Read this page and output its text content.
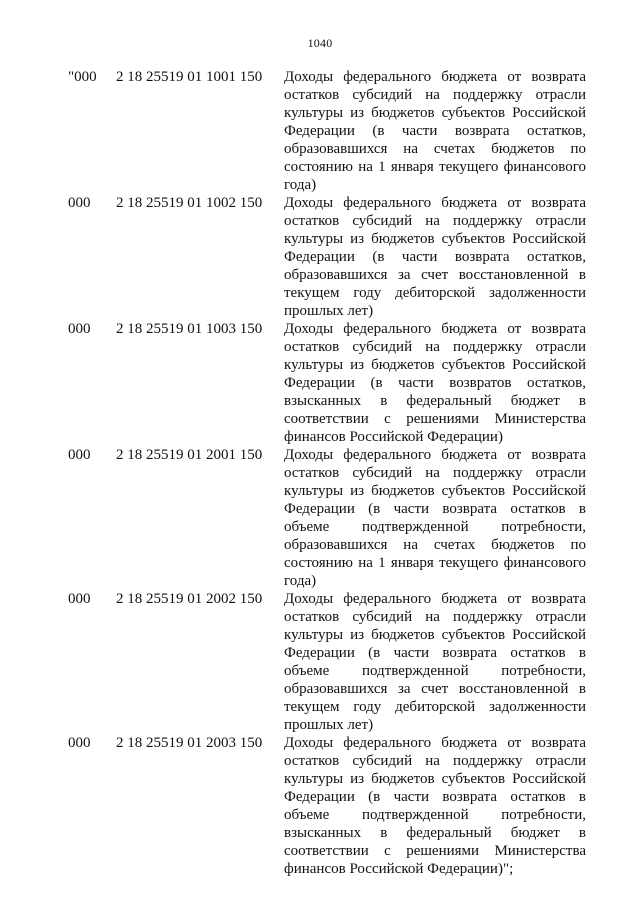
1040
"000 2 18 25519 01 1001 150 Доходы федерального бюджета от возврата остатков субсидий на поддержку отрасли культуры из бюджетов субъектов Российской Федерации (в части возврата остатков, образовавшихся на счетах бюджетов по состоянию на 1 января текущего финансового года)
000 2 18 25519 01 1002 150 Доходы федерального бюджета от возврата остатков субсидий на поддержку отрасли культуры из бюджетов субъектов Российской Федерации (в части возврата остатков, образовавшихся за счет восстановленной в текущем году дебиторской задолженности прошлых лет)
000 2 18 25519 01 1003 150 Доходы федерального бюджета от возврата остатков субсидий на поддержку отрасли культуры из бюджетов субъектов Российской Федерации (в части возвратов остатков, взысканных в федеральный бюджет в соответствии с решениями Министерства финансов Российской Федерации)
000 2 18 25519 01 2001 150 Доходы федерального бюджета от возврата остатков субсидий на поддержку отрасли культуры из бюджетов субъектов Российской Федерации (в части возврата остатков в объеме подтвержденной потребности, образовавшихся на счетах бюджетов по состоянию на 1 января текущего финансового года)
000 2 18 25519 01 2002 150 Доходы федерального бюджета от возврата остатков субсидий на поддержку отрасли культуры из бюджетов субъектов Российской Федерации (в части возврата остатков в объеме подтвержденной потребности, образовавшихся за счет восстановленной в текущем году дебиторской задолженности прошлых лет)
000 2 18 25519 01 2003 150 Доходы федерального бюджета от возврата остатков субсидий на поддержку отрасли культуры из бюджетов субъектов Российской Федерации (в части возврата остатков в объеме подтвержденной потребности, взысканных в федеральный бюджет в соответствии с решениями Министерства финансов Российской Федерации)";
